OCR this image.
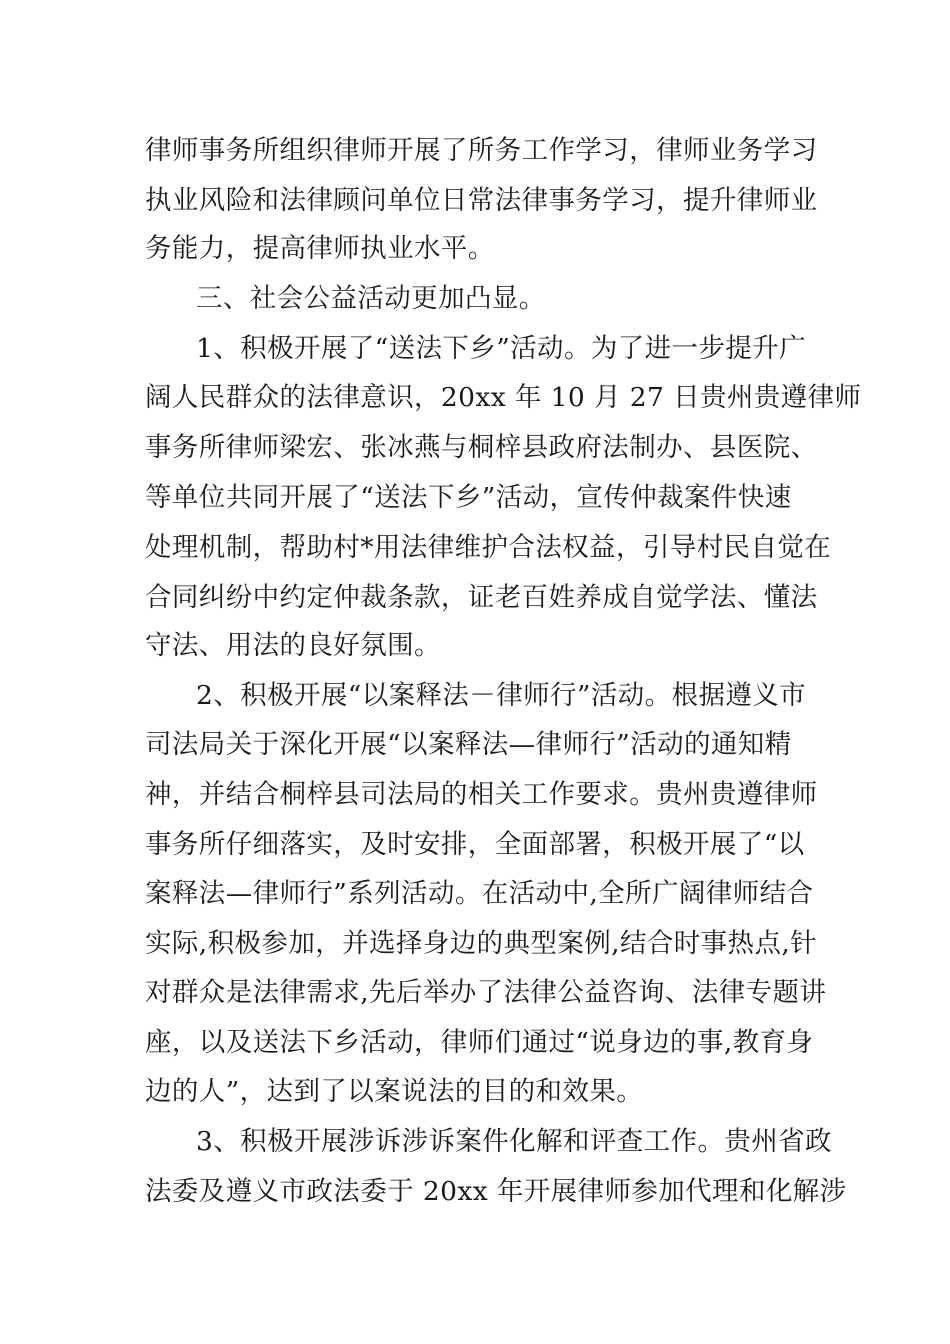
律师事务所组织律师开展了所务工作学习，律师业务学习
执业风险和法律顾问单位日常法律事务学习，提升律师业
务能力，提高律师执业水平。
三、社会公益活动更加凸显。
1、积极开展了“送法下乡”活动。为了进一步提升广
阔人民群众的法律意识，20xx 年 10 月 27 日贵州贵遵律师
事务所律师梁宏、张冰燕与桐梓县政府法制办、县医院、
等单位共同开展了“送法下乡”活动，宣传仲裁案件快速
处理机制，帮助村*用法律维护合法权益，引导村民自觉在
合同纠纷中约定仲裁条款，证老百姓养成自觉学法、懂法
守法、用法的良好氛围。
2、积极开展“以案释法－律师行”活动。根据遵义市
司法局关于深化开展“以案释法—律师行”活动的通知精
神，并结合桐梓县司法局的相关工作要求。贵州贵遵律师
事务所仔细落实，及时安排，全面部署，积极开展了“以
案释法—律师行”系列活动。在活动中,全所广阔律师结合
实际,积极参加，并选择身边的典型案例,结合时事热点,针
对群众是法律需求,先后举办了法律公益咨询、法律专题讲
座，以及送法下乡活动，律师们通过“说身边的事,教育身
边的人”，达到了以案说法的目的和效果。
3、积极开展涉诉涉诉案件化解和评查工作。贵州省政
法委及遵义市政法委于 20xx 年开展律师参加代理和化解涉
